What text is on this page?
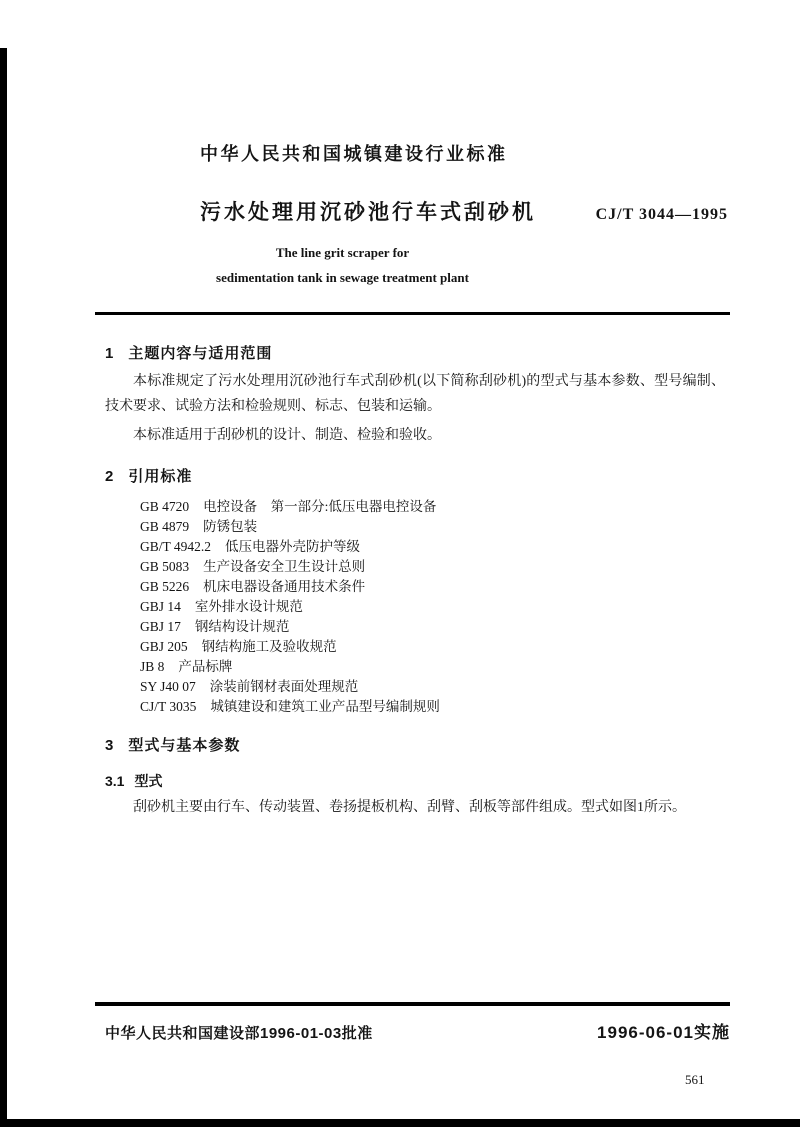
中华人民共和国城镇建设行业标准
污水处理用沉砂池行车式刮砂机	CJ/T 3044—1995
The line grit scraper for
sedimentation tank in sewage treatment plant
1 主题内容与适用范围

本标准规定了污水处理用沉砂池行车式刮砂机(以下简称刮砂机)的型式与基本参数、型号编制、技术要求、试验方法和检验规则、标志、包装和运输。

本标准适用于刮砂机的设计、制造、检验和验收。

2 引用标准
GB 4720 电控设备　第一部分:低压电器电控设备
GB 4879 防锈包装
GB/T 4942.2 低压电器外壳防护等级
GB 5083 生产设备安全卫生设计总则
GB 5226 机床电器设备通用技术条件
GBJ 14 室外排水设计规范
GBJ 17 钢结构设计规范
GBJ 205 钢结构施工及验收规范
JB 8 产品标牌
SY J40 07 涂装前钢材表面处理规范
CJ/T 3035 城镇建设和建筑工业产品型号编制规则
3 型式与基本参数
3.1 型式

刮砂机主要由行车、传动装置、卷扬提板机构、刮臂、刮板等部件组成。型式如图1所示。

中华人民共和国建设部1996-01-03批准	1996-06-01实施
561
